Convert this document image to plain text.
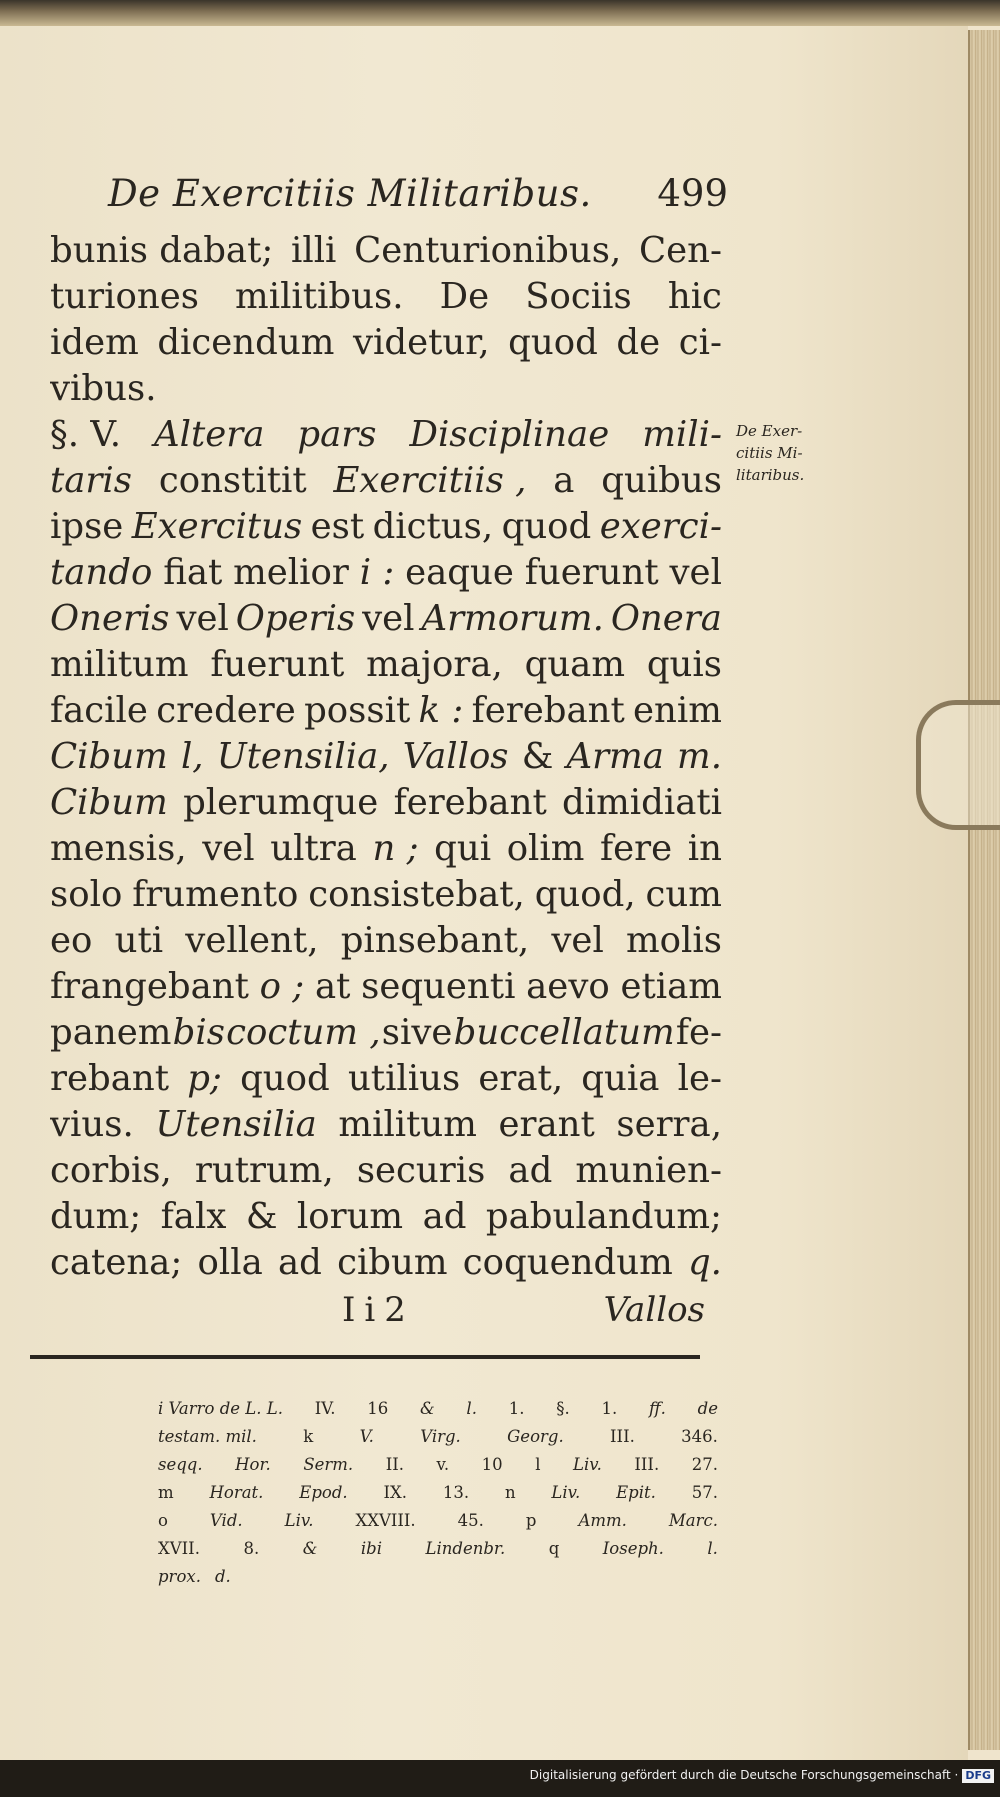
De Exercitiis Militaribus. 499
bunis dabat; illi Centurionibus, Cen-
turiones militibus. De Sociis hic
idem dicendum videtur, quod de ci-
vibus.
§. V. Altera pars Disciplinae mili-
taris constitit Exercitiis , a quibus
ipse Exercitus est dictus, quod exerci-
tando fiat melior i : eaque fuerunt vel
Oneris vel Operis vel Armorum. Onera
militum fuerunt majora, quam quis
facile credere possit k : ferebant enim
Cibum l, Utensilia, Vallos & Arma m.
Cibum plerumque ferebant dimidiati
mensis, vel ultra n ; qui olim fere in
solo frumento consistebat, quod, cum
eo uti vellent, pinsebant, vel molis
frangebant o ; at sequenti aevo etiam
panem bis coctum , sive buccellatum fe-
rebant p; quod utilius erat, quia le-
vius. Utensilia militum erant serra,
corbis, rutrum, securis ad munien-
dum; falx & lorum ad pabulandum;
catena; olla ad cibum coquendum q.
De Exer-
citiis Mi-
litaribus.
Ii2	Vallos
i Varro de L. L. IV. 16 & l. 1. §. 1. ff. de
testam. mil.	k	V.	Virg.	Georg.	III.	346.
seqq. Hor. Serm. II. v. 10 l Liv. III. 27.
m Horat. Epod. IX. 13. n Liv. Epit. 57.
o	Vid.	Liv.	XXVIII.	45.	p	Amm.	Marc.
XVII.	8.	&	ibi	Lindenbr.	q	Ioseph.	l.
prox. d.
Digitalisierung gefördert durch die Deutsche Forschungsgemeinschaft · DFG
